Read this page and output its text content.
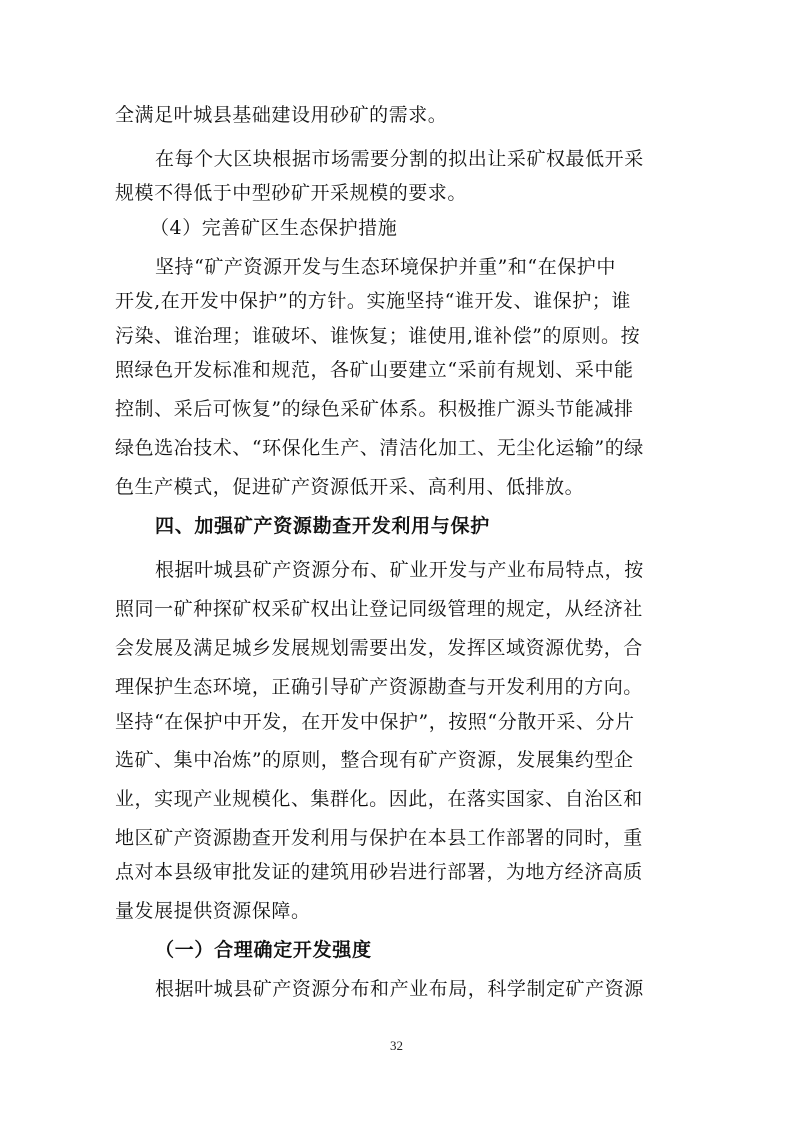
全满足叶城县基础建设用砂矿的需求。
在每个大区块根据市场需要分割的拟出让采矿权最低开采
规模不得低于中型砂矿开采规模的要求。
（4）完善矿区生态保护措施
坚持“矿产资源开发与生态环境保护并重”和“在保护中
开发,在开发中保护”的方针。实施坚持“谁开发、谁保护；谁
污染、谁治理；谁破坏、谁恢复；谁使用,谁补偿”的原则。按
照绿色开发标准和规范，各矿山要建立“采前有规划、采中能
控制、采后可恢复”的绿色采矿体系。积极推广源头节能减排
绿色选冶技术、“环保化生产、清洁化加工、无尘化运输”的绿
色生产模式，促进矿产资源低开采、高利用、低排放。
四、加强矿产资源勘查开发利用与保护
根据叶城县矿产资源分布、矿业开发与产业布局特点，按
照同一矿种探矿权采矿权出让登记同级管理的规定，从经济社
会发展及满足城乡发展规划需要出发，发挥区域资源优势，合
理保护生态环境，正确引导矿产资源勘查与开发利用的方向。
坚持“在保护中开发，在开发中保护”，按照“分散开采、分片
选矿、集中冶炼”的原则，整合现有矿产资源，发展集约型企
业，实现产业规模化、集群化。因此，在落实国家、自治区和
地区矿产资源勘查开发利用与保护在本县工作部署的同时，重
点对本县级审批发证的建筑用砂岩进行部署，为地方经济高质
量发展提供资源保障。
（一）合理确定开发强度
根据叶城县矿产资源分布和产业布局，科学制定矿产资源
32
